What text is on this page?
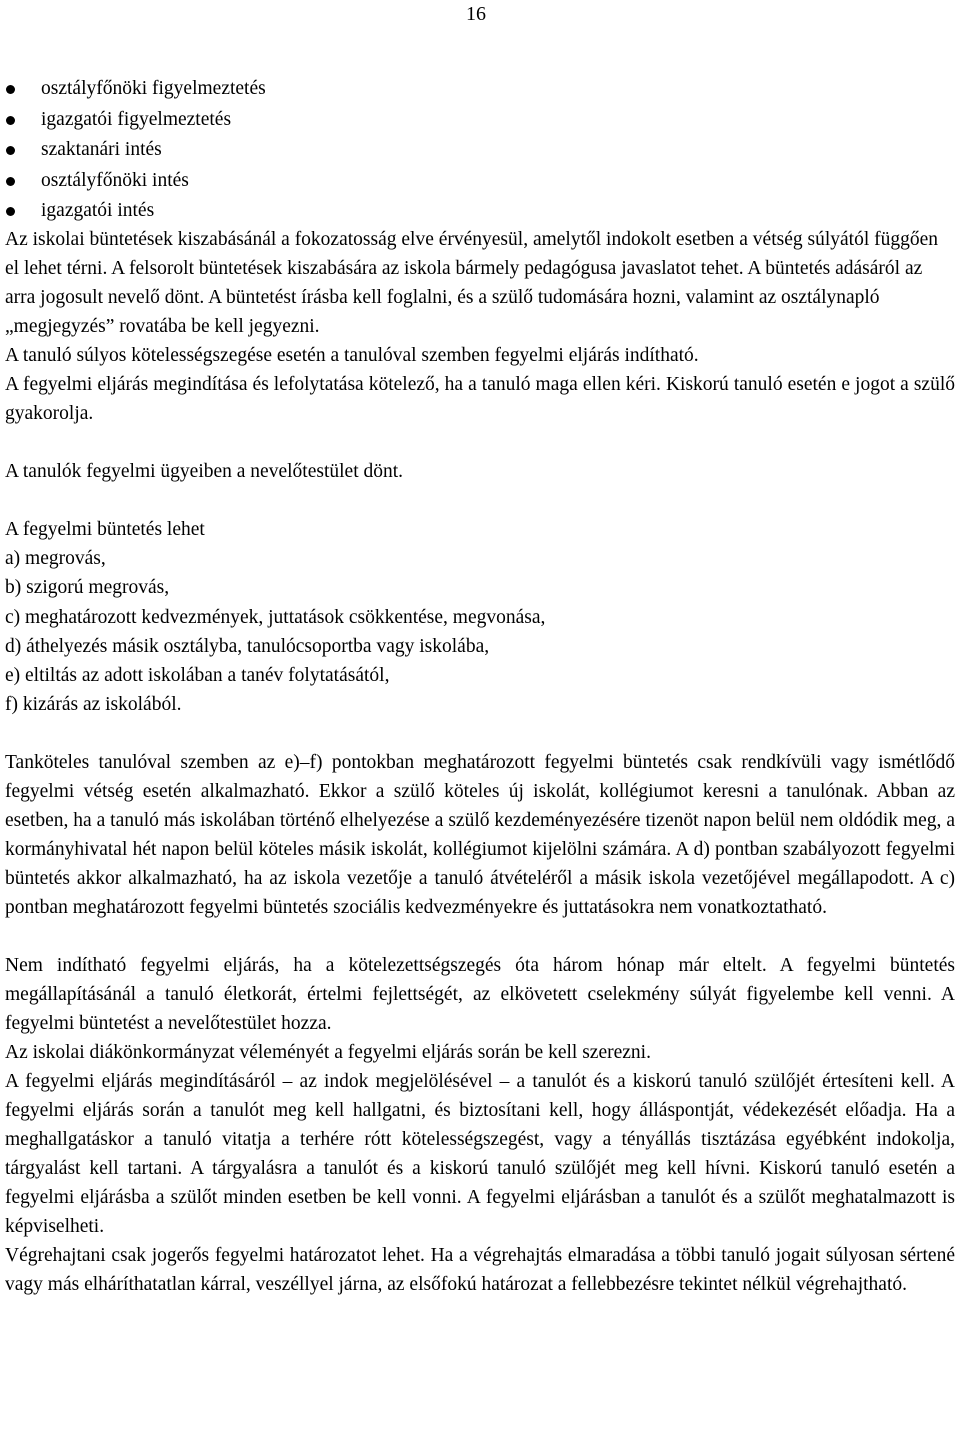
16
osztályfőnöki figyelmeztetés
igazgatói figyelmeztetés
szaktanári intés
osztályfőnöki intés
igazgatói intés

Az iskolai büntetések kiszabásánál a fokozatosság elve érvényesül, amelytől indokolt esetben a vétség súlyától függően el lehet térni. A felsorolt büntetések kiszabására az iskola bármely pedagógusa javaslatot tehet. A büntetés adásáról az arra jogosult nevelő dönt. A büntetést írásba kell foglalni, és a szülő tudomására hozni, valamint az osztálynapló „megjegyzés” rovatába be kell jegyezni.

A tanuló súlyos kötelességszegése esetén a tanulóval szemben fegyelmi eljárás indítható.

A fegyelmi eljárás megindítása és lefolytatása kötelező, ha a tanuló maga ellen kéri. Kiskorú tanuló esetén e jogot a szülő gyakorolja.

A tanulók fegyelmi ügyeiben a nevelőtestület dönt.

A fegyelmi büntetés lehet

a) megrovás,

b) szigorú megrovás,

c) meghatározott kedvezmények, juttatások csökkentése, megvonása,

d) áthelyezés másik osztályba, tanulócsoportba vagy iskolába,

e) eltiltás az adott iskolában a tanév folytatásától,

f) kizárás az iskolából.

Tanköteles tanulóval szemben az e)–f) pontokban meghatározott fegyelmi büntetés csak rendkívüli vagy ismétlődő fegyelmi vétség esetén alkalmazható. Ekkor a szülő köteles új iskolát, kollégiumot keresni a tanulónak. Abban az esetben, ha a tanuló más iskolában történő elhelyezése a szülő kezdeményezésére tizenöt napon belül nem oldódik meg, a kormányhivatal hét napon belül köteles másik iskolát, kollégiumot kijelölni számára. A d) pontban szabályozott fegyelmi büntetés akkor alkalmazható, ha az iskola vezetője a tanuló átvételéről a másik iskola vezetőjével megállapodott. A c) pontban meghatározott fegyelmi büntetés szociális kedvezményekre és juttatásokra nem vonatkoztatható.

Nem indítható fegyelmi eljárás, ha a kötelezettségszegés óta három hónap már eltelt. A fegyelmi büntetés megállapításánál a tanuló életkorát, értelmi fejlettségét, az elkövetett cselekmény súlyát figyelembe kell venni. A fegyelmi büntetést a nevelőtestület hozza.

Az iskolai diákönkormányzat véleményét a fegyelmi eljárás során be kell szerezni.

A fegyelmi eljárás megindításáról – az indok megjelölésével – a tanulót és a kiskorú tanuló szülőjét értesíteni kell. A fegyelmi eljárás során a tanulót meg kell hallgatni, és biztosítani kell, hogy álláspontját, védekezését előadja. Ha a meghallgatáskor a tanuló vitatja a terhére rótt kötelességszegést, vagy a tényállás tisztázása egyébként indokolja, tárgyalást kell tartani. A tárgyalásra a tanulót és a kiskorú tanuló szülőjét meg kell hívni. Kiskorú tanuló esetén a fegyelmi eljárásba a szülőt minden esetben be kell vonni. A fegyelmi eljárásban a tanulót és a szülőt meghatalmazott is képviselheti.

Végrehajtani csak jogerős fegyelmi határozatot lehet. Ha a végrehajtás elmaradása a többi tanuló jogait súlyosan sértené vagy más elháríthatatlan kárral, veszéllyel járna, az elsőfokú határozat a fellebbezésre tekintet nélkül végrehajtható.
